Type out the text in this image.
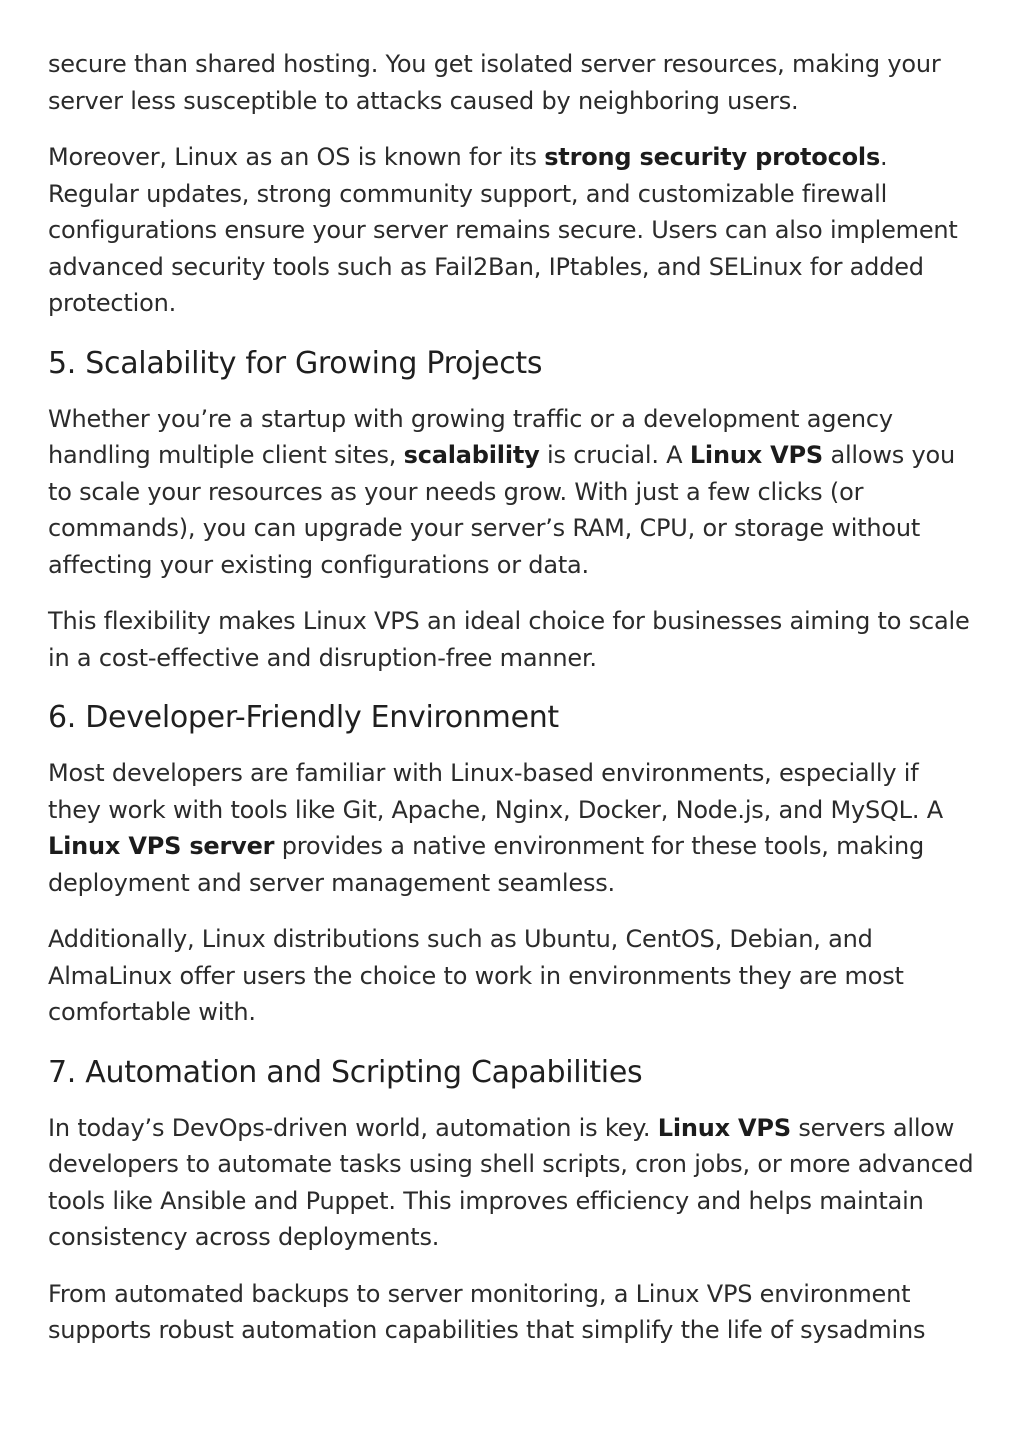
secure than shared hosting. You get isolated server resources, making your server less susceptible to attacks caused by neighboring users.

Moreover, Linux as an OS is known for its strong security protocols. Regular updates, strong community support, and customizable firewall configurations ensure your server remains secure. Users can also implement advanced security tools such as Fail2Ban, IPtables, and SELinux for added protection.

5. Scalability for Growing Projects

Whether you’re a startup with growing traffic or a development agency handling multiple client sites, scalability is crucial. A Linux VPS allows you to scale your resources as your needs grow. With just a few clicks (or commands), you can upgrade your server’s RAM, CPU, or storage without affecting your existing configurations or data.

This flexibility makes Linux VPS an ideal choice for businesses aiming to scale in a cost-effective and disruption-free manner.

6. Developer-Friendly Environment

Most developers are familiar with Linux-based environments, especially if they work with tools like Git, Apache, Nginx, Docker, Node.js, and MySQL. A Linux VPS server provides a native environment for these tools, making deployment and server management seamless.

Additionally, Linux distributions such as Ubuntu, CentOS, Debian, and AlmaLinux offer users the choice to work in environments they are most comfortable with.

7. Automation and Scripting Capabilities

In today’s DevOps-driven world, automation is key. Linux VPS servers allow developers to automate tasks using shell scripts, cron jobs, or more advanced tools like Ansible and Puppet. This improves efficiency and helps maintain consistency across deployments.

From automated backups to server monitoring, a Linux VPS environment supports robust automation capabilities that simplify the life of sysadmins
